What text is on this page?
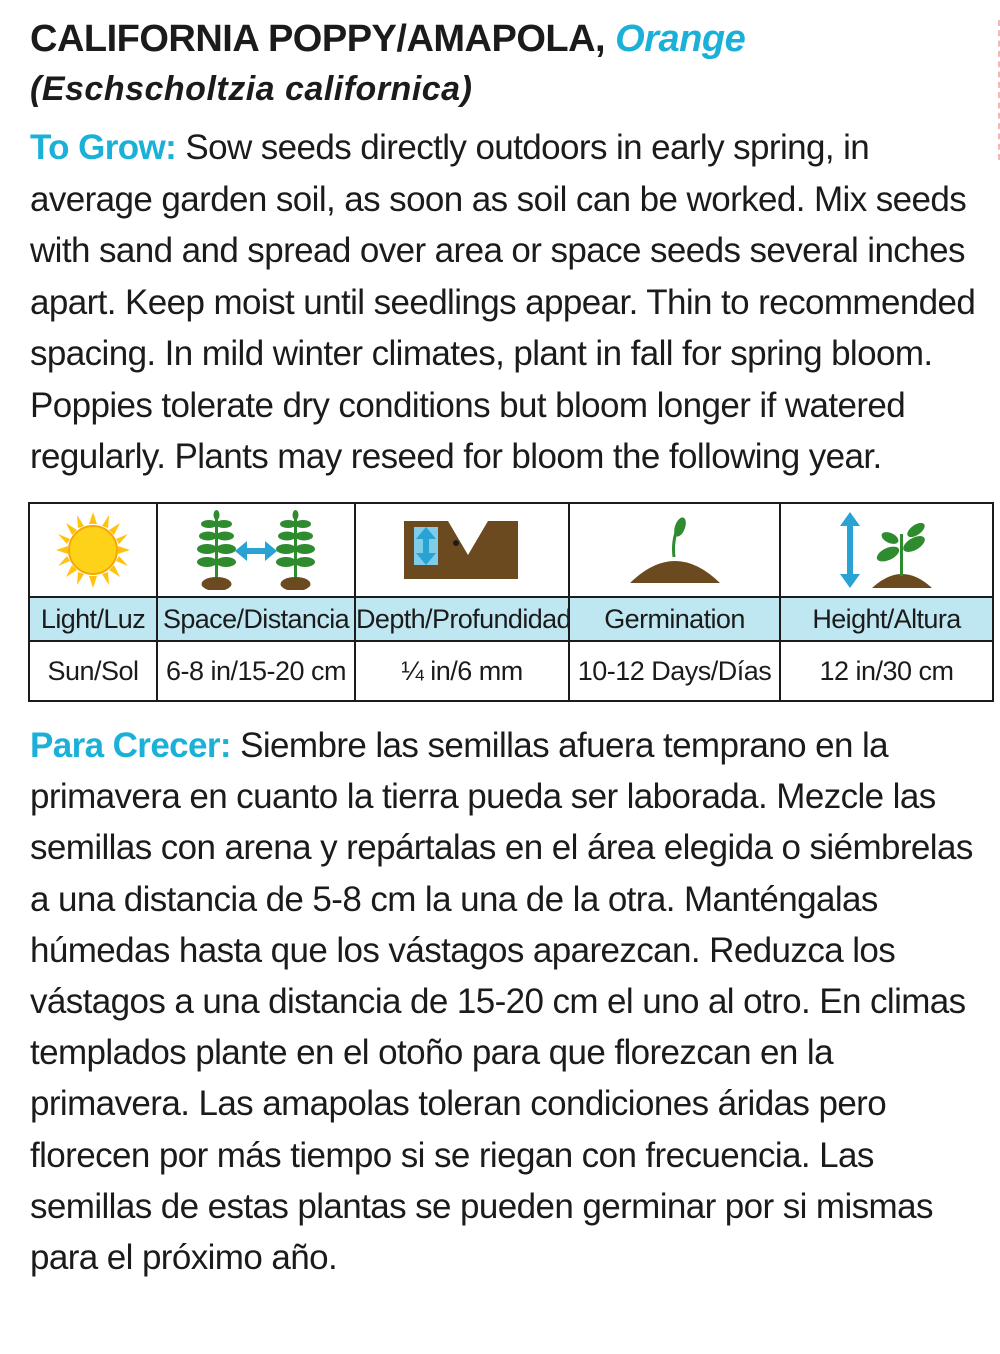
CALIFORNIA POPPY/AMAPOLA, Orange
(Eschscholtzia californica)

To Grow: Sow seeds directly outdoors in early spring, in average garden soil, as soon as soil can be worked. Mix seeds with sand and spread over area or space seeds several inches apart. Keep moist until seedlings appear. Thin to recommended spacing. In mild winter climates, plant in fall for spring bloom. Poppies tolerate dry conditions but bloom longer if watered regularly. Plants may reseed for bloom the following year.

Light/Luz	Space/Distancia	Depth/Profundidad	Germination	Height/Altura
Sun/Sol	6-8 in/15-20 cm	¼ in/6 mm	10-12 Days/Días	12 in/30 cm

Para Crecer: Siembre las semillas afuera temprano en la primavera en cuanto la tierra pueda ser laborada. Mezcle las semillas con arena y repártalas en el área elegida o siémbrelas a una distancia de 5-8 cm la una de la otra. Manténgalas húmedas hasta que los vástagos aparezcan. Reduzca los vástagos a una distancia de 15-20 cm el uno al otro. En climas templados plante en el otoño para que florezcan en la primavera. Las amapolas toleran condiciones áridas pero florecen por más tiempo si se riegan con frecuencia. Las semillas de estas plantas se pueden germinar por si mismas para el próximo año.
